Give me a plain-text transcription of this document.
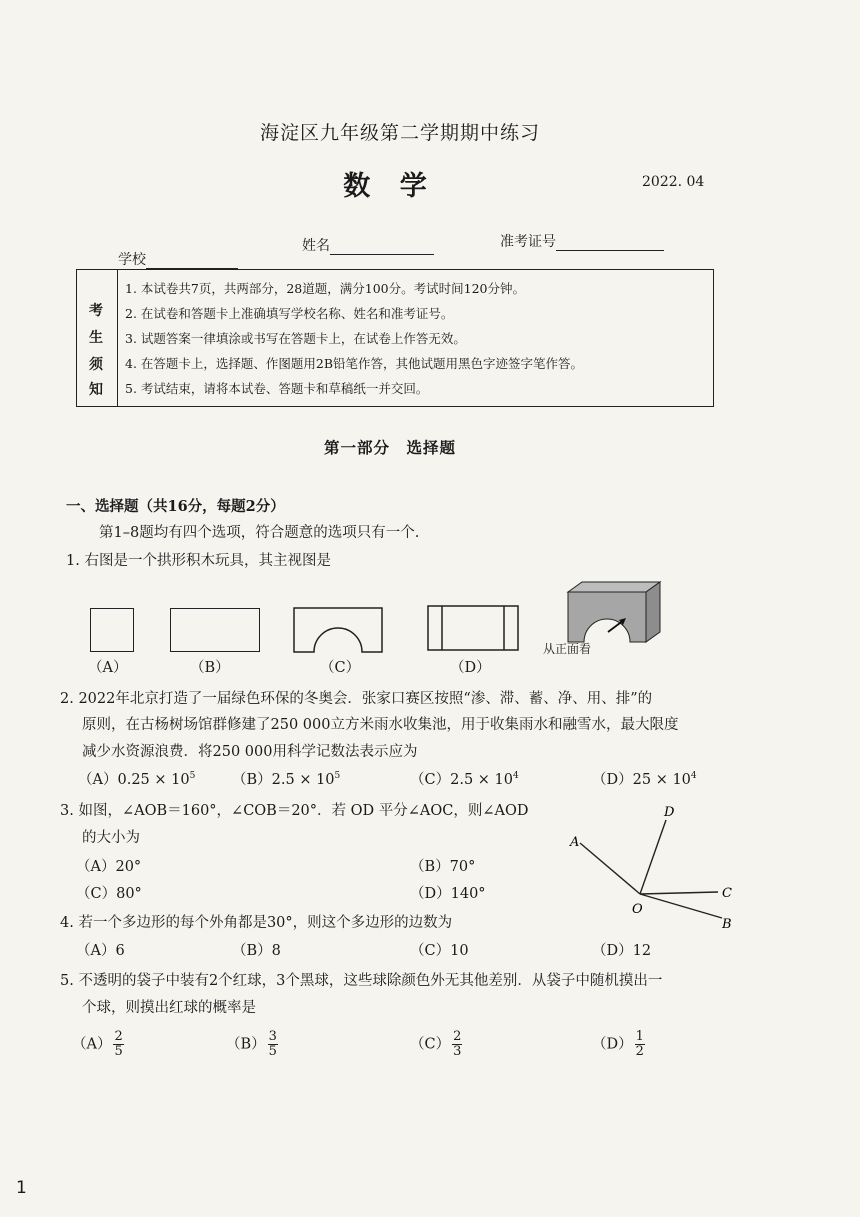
海淀区九年级第二学期期中练习
数 学	2022. 04
学校
姓名	准考证号
考
生
须
知
1. 本试卷共7页，共两部分，28道题，满分100分。考试时间120分钟。
2. 在试卷和答题卡上准确填写学校名称、姓名和准考证号。
3. 试题答案一律填涂或书写在答题卡上，在试卷上作答无效。
4. 在答题卡上，选择题、作图题用2B铅笔作答，其他试题用黑色字迹签字笔作答。
5. 考试结束，请将本试卷、答题卡和草稿纸一并交回。
第一部分　选择题
一、选择题（共16分，每题2分）
第1–8题均有四个选项，符合题意的选项只有一个.
1. 右图是一个拱形积木玩具，其主视图是
（A）	（B）	（C）	（D）
从正面看
2. 2022年北京打造了一届绿色环保的冬奥会．张家口赛区按照“渗、滞、蓄、净、用、排”的
原则，在古杨树场馆群修建了250 000立方米雨水收集池，用于收集雨水和融雪水，最大限度
减少水资源浪费．将250 000用科学记数法表示应为
$(A)0.25 \times 10^5$	$(B)2.5 \times 10^5$	$(C)2.5 \times 10^4$	$(D)25 \times 10^4$
3. 如图，∠AOB＝160°，∠COB＝20°．若 OD 平分∠AOC，则∠AOD
的大小为
（A）20°	（B）70°
（C）80°	（D）140°
A
D
C
B
O
4. 若一个多边形的每个外角都是30°，则这个多边形的边数为
（A）6	（B）8	（C）10	（D）12
5. 不透明的袋子中装有2个红球，3个黑球，这些球除颜色外无其他差别．从袋子中随机摸出一
个球，则摸出红球的概率是
$(A) \frac{2}{5}$	$(B) \frac{3}{5}$	$(C) \frac{2}{3}$	$(D) \frac{1}{2}$
1
